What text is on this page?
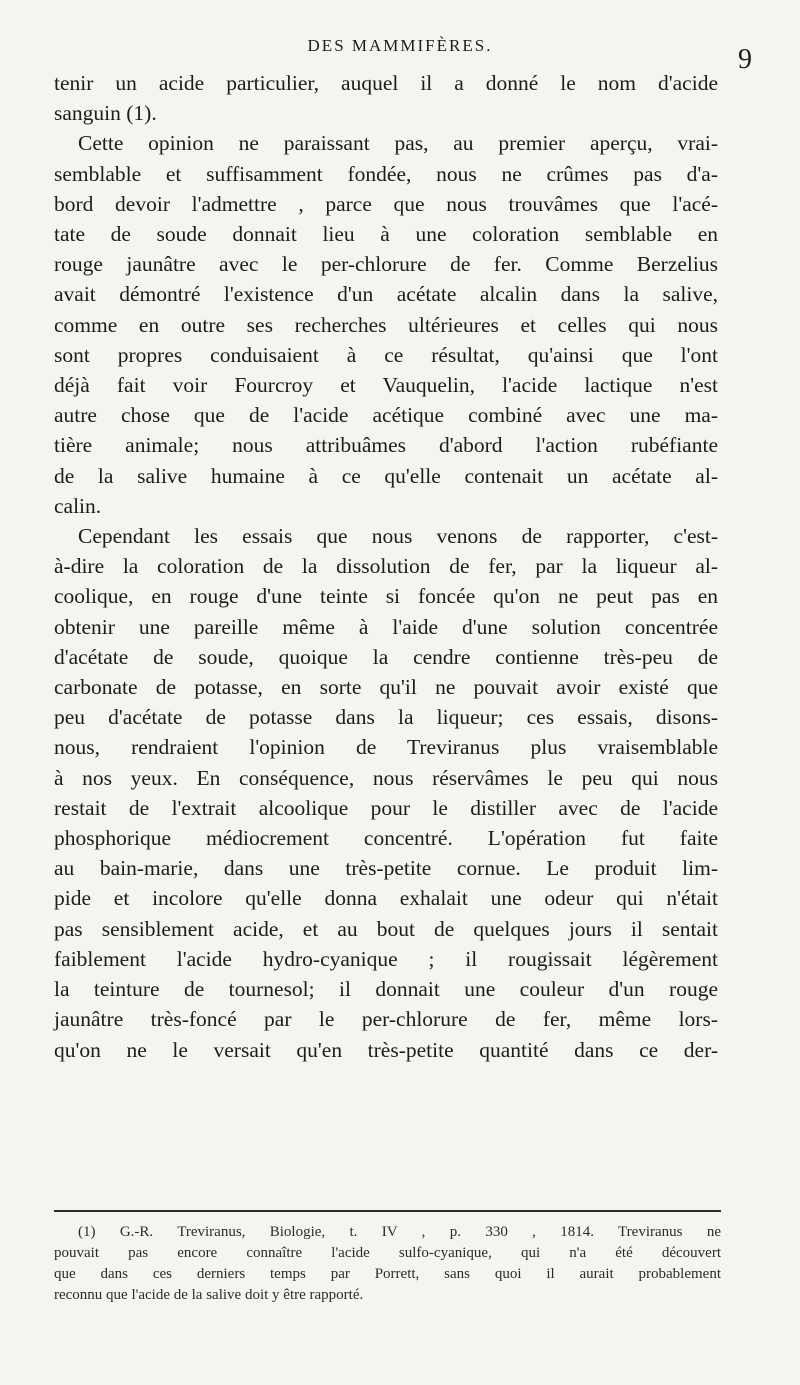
DES MAMMIFÈRES.	9
tenir un acide particulier, auquel il a donné le nom d'acide
sanguin (1).
Cette opinion ne paraissant pas, au premier aperçu, vrai-
semblable et suffisamment fondée, nous ne crûmes pas d'a-
bord devoir l'admettre , parce que nous trouvâmes que l'acé-
tate de soude donnait lieu à une coloration semblable en
rouge jaunâtre avec le per-chlorure de fer. Comme Berzelius
avait démontré l'existence d'un acétate alcalin dans la salive,
comme en outre ses recherches ultérieures et celles qui nous
sont propres conduisaient à ce résultat, qu'ainsi que l'ont
déjà fait voir Fourcroy et Vauquelin, l'acide lactique n'est
autre chose que de l'acide acétique combiné avec une ma-
tière animale; nous attribuâmes d'abord l'action rubéfiante
de la salive humaine à ce qu'elle contenait un acétate al-
calin.
Cependant les essais que nous venons de rapporter, c'est-
à-dire la coloration de la dissolution de fer, par la liqueur al-
coolique, en rouge d'une teinte si foncée qu'on ne peut pas en
obtenir une pareille même à l'aide d'une solution concentrée
d'acétate de soude, quoique la cendre contienne très-peu de
carbonate de potasse, en sorte qu'il ne pouvait avoir existé que
peu d'acétate de potasse dans la liqueur; ces essais, disons-
nous, rendraient l'opinion de Treviranus plus vraisemblable
à nos yeux. En conséquence, nous réservâmes le peu qui nous
restait de l'extrait alcoolique pour le distiller avec de l'acide
phosphorique médiocrement concentré. L'opération fut faite
au bain-marie, dans une très-petite cornue. Le produit lim-
pide et incolore qu'elle donna exhalait une odeur qui n'était
pas sensiblement acide, et au bout de quelques jours il sentait
faiblement l'acide hydro-cyanique ; il rougissait légèrement
la teinture de tournesol; il donnait une couleur d'un rouge
jaunâtre très-foncé par le per-chlorure de fer, même lors-
qu'on ne le versait qu'en très-petite quantité dans ce der-
(1) G.-R. Treviranus, Biologie, t. IV , p. 330 , 1814. Treviranus ne
pouvait pas encore connaître l'acide sulfo-cyanique, qui n'a été découvert
que dans ces derniers temps par Porrett, sans quoi il aurait probablement
reconnu que l'acide de la salive doit y être rapporté.
